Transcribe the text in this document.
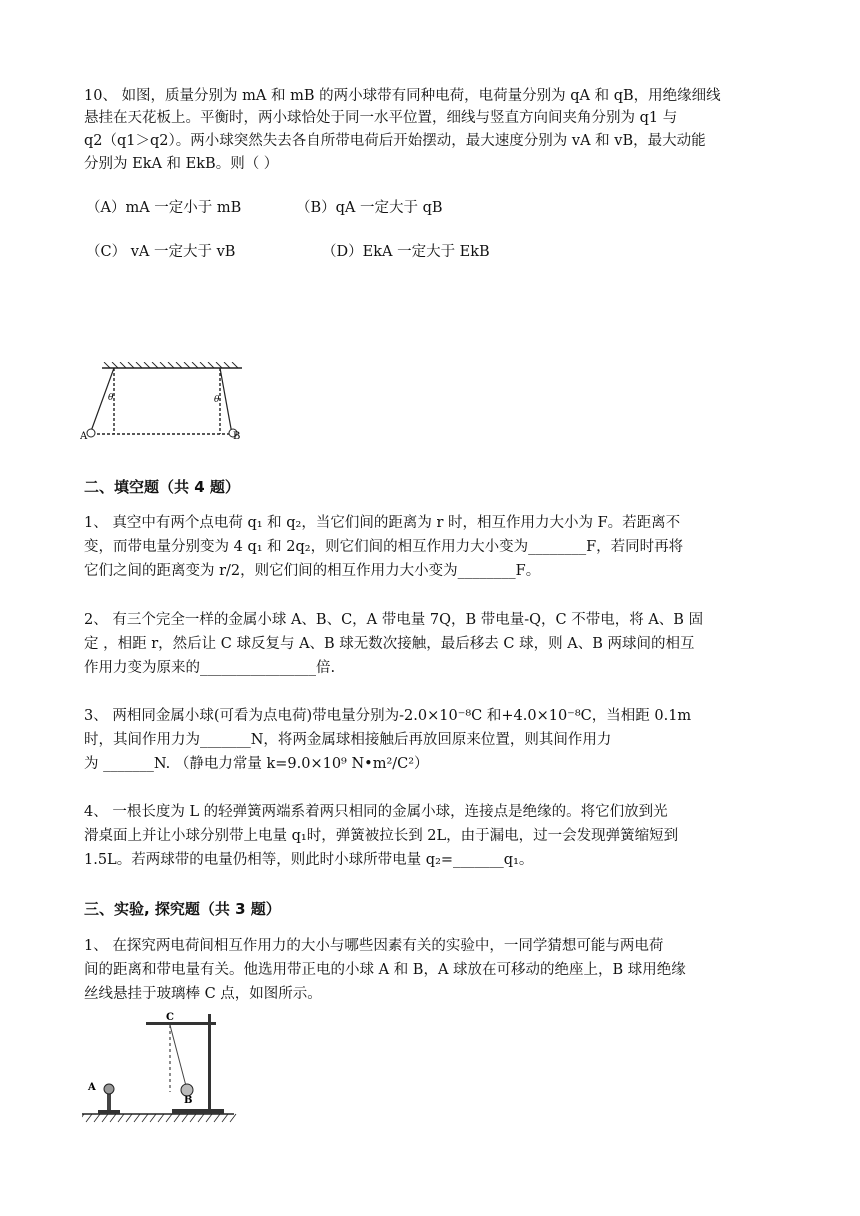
10、 如图，质量分别为 mA 和 mB 的两小球带有同种电荷，电荷量分别为 qA 和 qB，用绝缘细线

悬挂在天花板上。平衡时，两小球恰处于同一水平位置，细线与竖直方向间夹角分别为 q1 与

q2（q1＞q2）。两小球突然失去各自所带电荷后开始摆动，最大速度分别为 vA 和 vB，最大动能

分别为 EkA 和 EkB。则（ ）

（A）mA 一定小于 mB	（B）qA 一定大于 qB
（C） vA 一定大于 vB	（D）EkA 一定大于 EkB
θ	θ
A	B
二、填空题（共 4 题）

1、 真空中有两个点电荷 q₁ 和 q₂，当它们间的距离为 r 时，相互作用力大小为 F。若距离不

变，而带电量分别变为 4 q₁ 和 2q₂，则它们间的相互作用力大小变为________F，若同时再将

它们之间的距离变为 r/2，则它们间的相互作用力大小变为________F。

2、 有三个完全一样的金属小球 A、B、C，A 带电量 7Q，B 带电量-Q，C 不带电，将 A、B 固

定 ，相距 r，然后让 C 球反复与 A、B 球无数次接触，最后移去 C 球，则 A、B 两球间的相互

作用力变为原来的________________倍.

3、 两相同金属小球(可看为点电荷)带电量分别为-2.0×10⁻⁸C 和+4.0×10⁻⁸C，当相距 0.1m

时，其间作用力为_______N，将两金属球相接触后再放回原来位置，则其间作用力

为 _______N. （静电力常量 k=9.0×10⁹ N•m²/C²）

4、 一根长度为 L 的轻弹簧两端系着两只相同的金属小球，连接点是绝缘的。将它们放到光

滑桌面上并让小球分别带上电量 q₁时，弹簧被拉长到 2L，由于漏电，过一会发现弹簧缩短到

1.5L。若两球带的电量仍相等，则此时小球所带电量 q₂=_______q₁。

三、实验, 探究题（共 3 题）

1、 在探究两电荷间相互作用力的大小与哪些因素有关的实验中，一同学猜想可能与两电荷

间的距离和带电量有关。他选用带正电的小球 A 和 B，A 球放在可移动的绝座上，B 球用绝缘

丝线悬挂于玻璃棒 C 点，如图所示。

A
C
B
